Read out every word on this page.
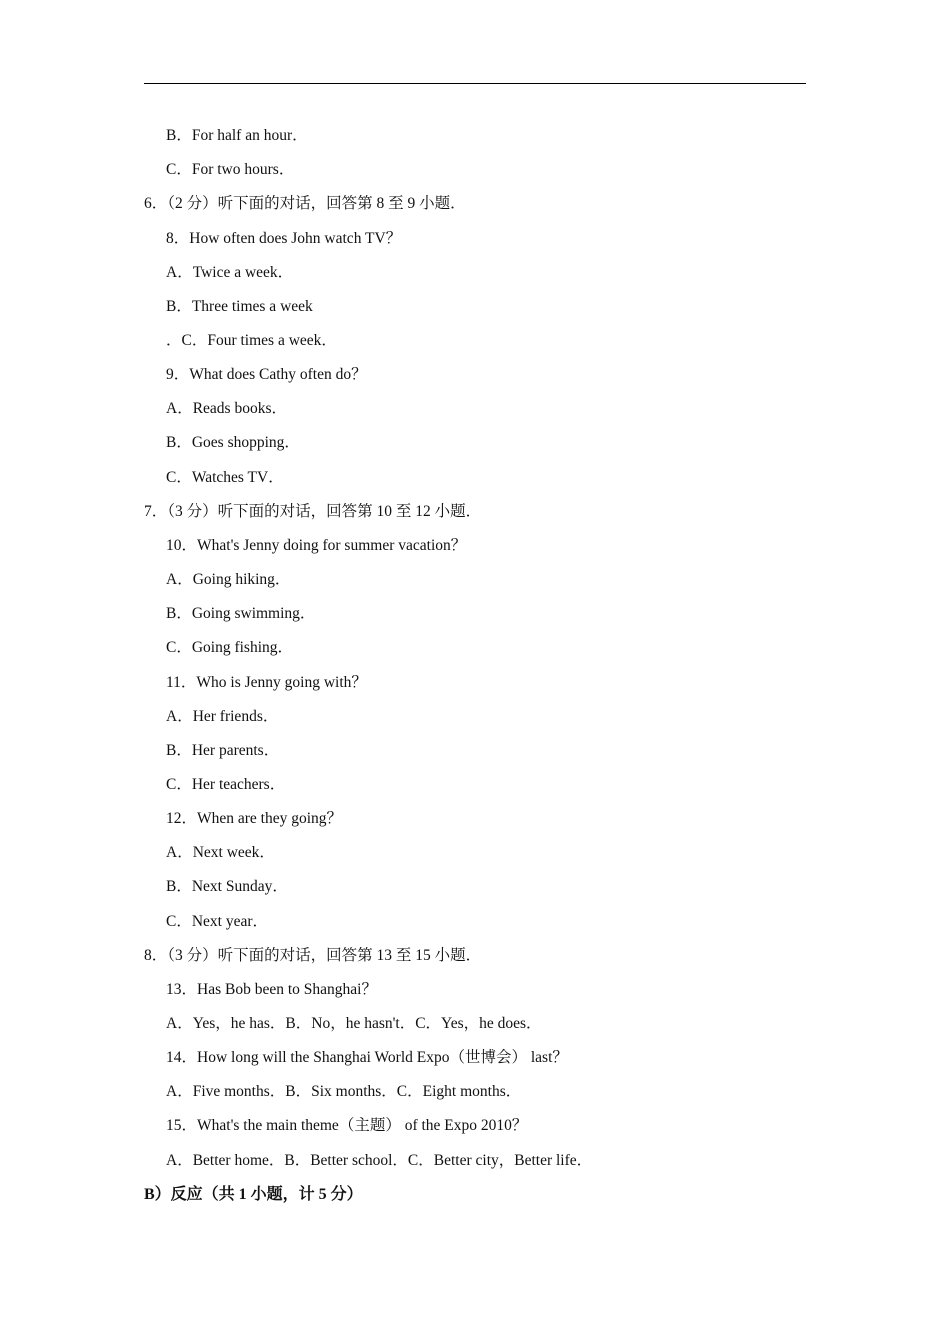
B．For half an hour．
C．For two hours．
6．（2 分）听下面的对话，回答第 8 至 9 小题．
8．How often does John watch TV？
A．Twice a week．
B．Three times a week
．C．Four times a week．
9．What does Cathy often do？
A．Reads books．
B．Goes shopping．
C．Watches TV．
7．（3 分）听下面的对话，回答第 10 至 12 小题．
10．What's Jenny doing for summer vacation？
A．Going hiking．
B．Going swimming．
C．Going fishing．
11．Who is Jenny going with？
A．Her friends．
B．Her parents．
C．Her teachers．
12．When are they going？
A．Next week．
B．Next Sunday．
C．Next year．
8．（3 分）听下面的对话，回答第 13 至 15 小题．
13．Has Bob been to Shanghai？
A．Yes，he has．B．No，he hasn't．C．Yes，he does．
14．How long will the Shanghai World Expo（世博会） last？
A．Five months．B．Six months．C．Eight months．
15．What's the main theme（主题） of the Expo 2010？
A．Better home．B．Better school．C．Better city，Better life．
B）反应（共 1 小题，计 5 分）
